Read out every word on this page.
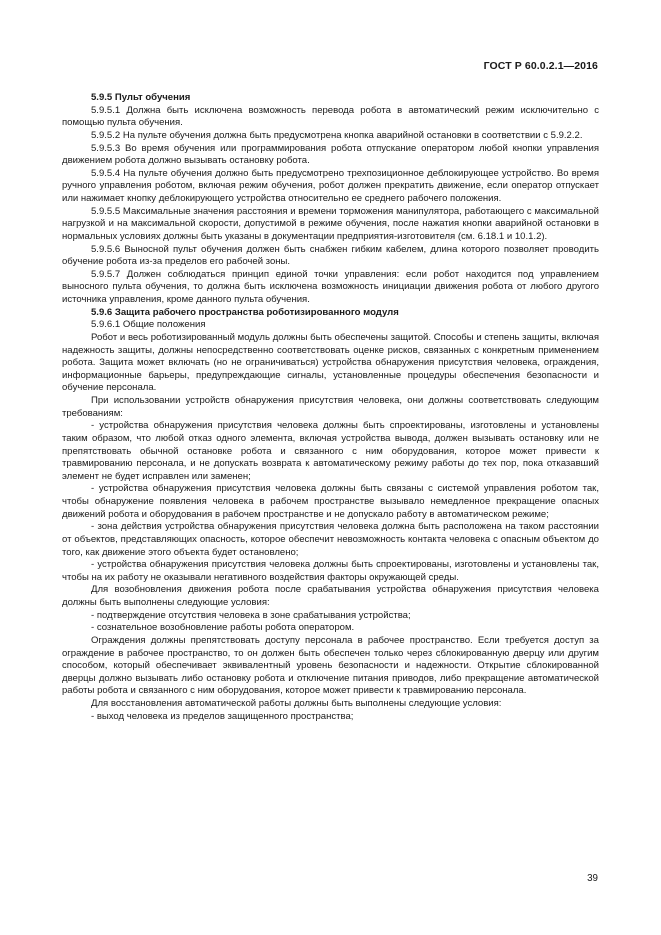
ГОСТ Р 60.0.2.1—2016

5.9.5 Пульт обучения

5.9.5.1 Должна быть исключена возможность перевода робота в автоматический режим исключительно с помощью пульта обучения.

5.9.5.2 На пульте обучения должна быть предусмотрена кнопка аварийной остановки в соответствии с 5.9.2.2.

5.9.5.3 Во время обучения или программирования робота отпускание оператором любой кнопки управления движением робота должно вызывать остановку робота.

5.9.5.4 На пульте обучения должно быть предусмотрено трехпозиционное деблокирующее устройство. Во время ручного управления роботом, включая режим обучения, робот должен прекратить движение, если оператор отпускает или нажимает кнопку деблокирующего устройства относительно ее среднего рабочего положения.

5.9.5.5 Максимальные значения расстояния и времени торможения манипулятора, работающего с максимальной нагрузкой и на максимальной скорости, допустимой в режиме обучения, после нажатия кнопки аварийной остановки в нормальных условиях должны быть указаны в документации предприятия-изготовителя (см. 6.18.1 и 10.1.2).

5.9.5.6 Выносной пульт обучения должен быть снабжен гибким кабелем, длина которого позволяет проводить обучение робота из-за пределов его рабочей зоны.

5.9.5.7 Должен соблюдаться принцип единой точки управления: если робот находится под управлением выносного пульта обучения, то должна быть исключена возможность инициации движения робота от любого другого источника управления, кроме данного пульта обучения.

5.9.6 Защита рабочего пространства роботизированного модуля

5.9.6.1 Общие положения

Робот и весь роботизированный модуль должны быть обеспечены защитой. Способы и степень защиты, включая надежность защиты, должны непосредственно соответствовать оценке рисков, связанных с конкретным применением робота. Защита может включать (но не ограничиваться) устройства обнаружения присутствия человека, ограждения, информационные барьеры, предупреждающие сигналы, установленные процедуры обеспечения безопасности и обучение персонала.

При использовании устройств обнаружения присутствия человека, они должны соответствовать следующим требованиям:

- устройства обнаружения присутствия человека должны быть спроектированы, изготовлены и установлены таким образом, что любой отказ одного элемента, включая устройства вывода, должен вызывать остановку или не препятствовать обычной остановке робота и связанного с ним оборудования, которое может привести к травмированию персонала, и не допускать возврата к автоматическому режиму работы до тех пор, пока отказавший элемент не будет исправлен или заменен;

- устройства обнаружения присутствия человека должны быть связаны с системой управления роботом так, чтобы обнаружение появления человека в рабочем пространстве вызывало немедленное прекращение опасных движений робота и оборудования в рабочем пространстве и не допускало работу в автоматическом режиме;

- зона действия устройства обнаружения присутствия человека должна быть расположена на таком расстоянии от объектов, представляющих опасность, которое обеспечит невозможность контакта человека с опасным объектом до того, как движение этого объекта будет остановлено;

- устройства обнаружения присутствия человека должны быть спроектированы, изготовлены и установлены так, чтобы на их работу не оказывали негативного воздействия факторы окружающей среды.

Для возобновления движения робота после срабатывания устройства обнаружения присутствия человека должны быть выполнены следующие условия:

- подтверждение отсутствия человека в зоне срабатывания устройства;

- сознательное возобновление работы робота оператором.

Ограждения должны препятствовать доступу персонала в рабочее пространство. Если требуется доступ за ограждение в рабочее пространство, то он должен быть обеспечен только через сблокированную дверцу или другим способом, который обеспечивает эквивалентный уровень безопасности и надежности. Открытие сблокированной дверцы должно вызывать либо остановку робота и отключение питания приводов, либо прекращение автоматической работы робота и связанного с ним оборудования, которое может привести к травмированию персонала.

Для восстановления автоматической работы должны быть выполнены следующие условия:

- выход человека из пределов защищенного пространства;

39
